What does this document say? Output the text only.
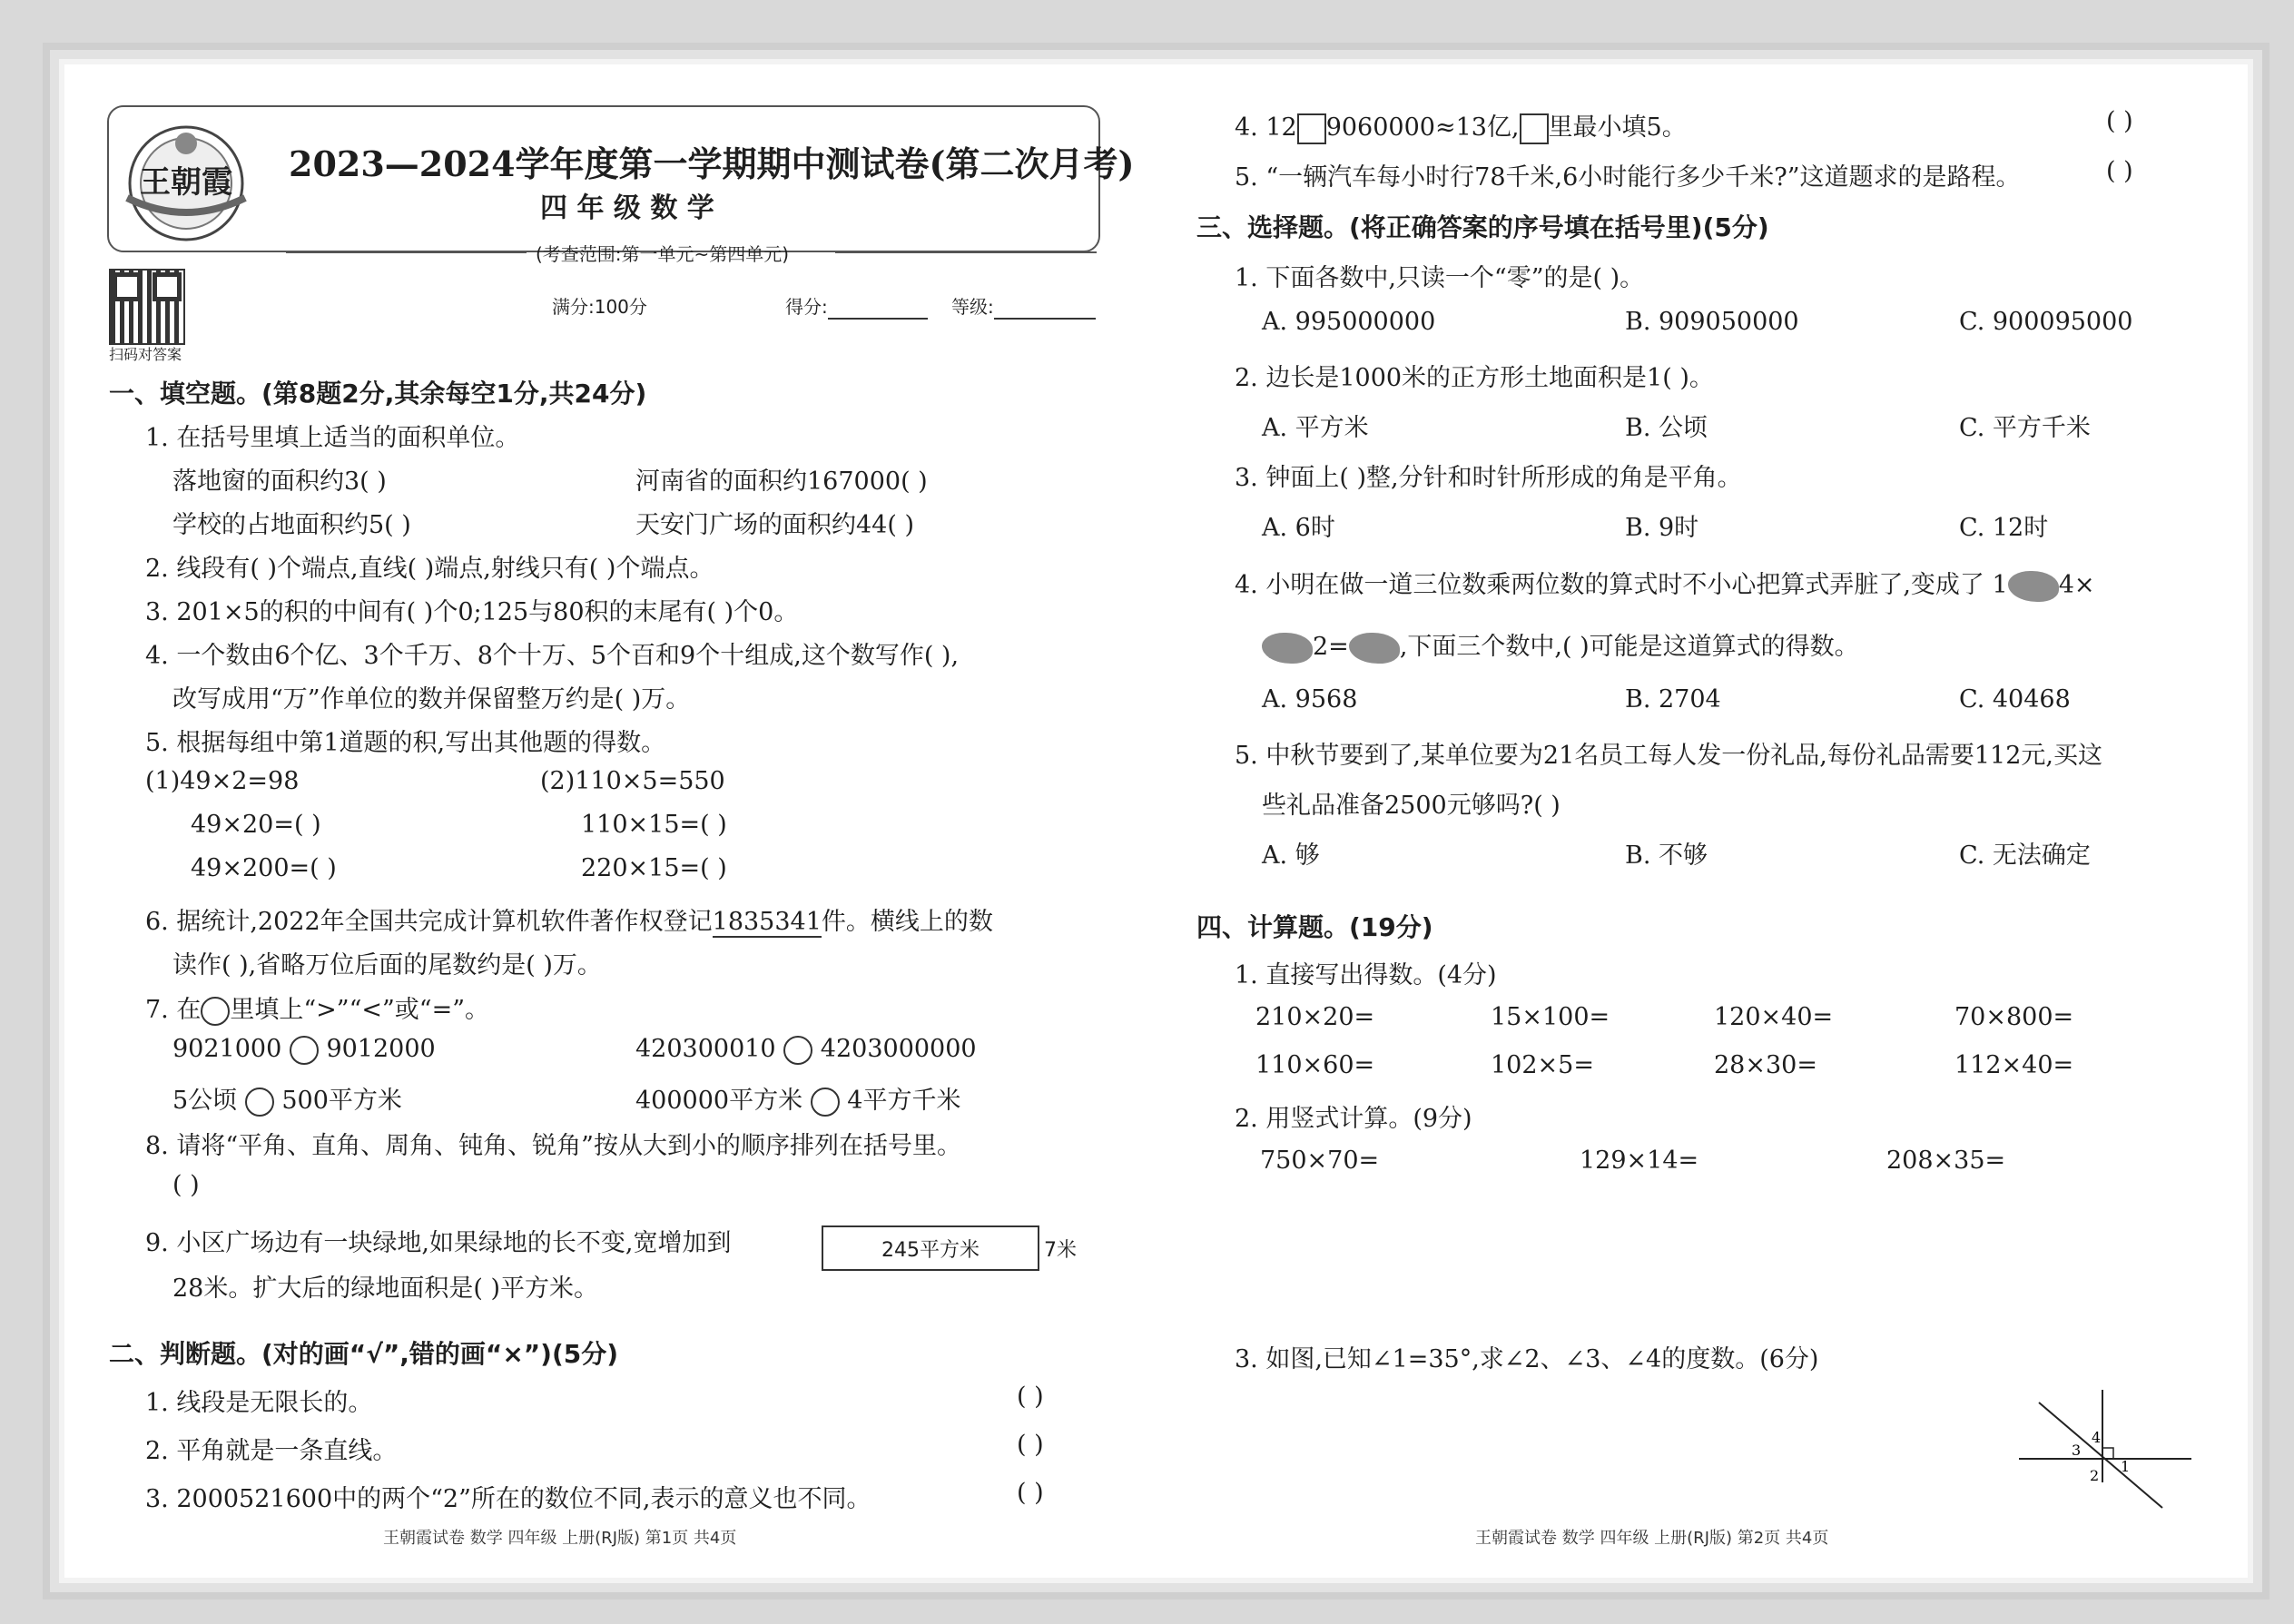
王朝霞 2023—2024学年度第一学期期中测试卷(第二次月考)
四 年 级 数 学
(考查范围:第一单元~第四单元)
扫码对答案
满分:100分	得分:	等级:
一、填空题。(第8题2分,其余每空1分,共24分)
1. 在括号里填上适当的面积单位。
落地窗的面积约3( )	河南省的面积约167000( )
学校的占地面积约5( )	天安门广场的面积约44( )
2. 线段有( )个端点,直线( )端点,射线只有( )个端点。
3. 201×5的积的中间有( )个0;125与80积的末尾有( )个0。
4. 一个数由6个亿、3个千万、8个十万、5个百和9个十组成,这个数写作( ),
改写成用“万”作单位的数并保留整万约是( )万。
5. 根据每组中第1道题的积,写出其他题的得数。
(1)49×2=98
49×20=( )
49×200=( )
(2)110×5=550
110×15=( )
220×15=( )
6. 据统计,2022年全国共完成计算机软件著作权登记1835341件。横线上的数
读作( ),省略万位后面的尾数约是( )万。
7. 在 里填上“>”“<”或“=”。
9021000 9012000	420300010 4203000000
5公顷 500平方米	400000平方米 4平方千米
8. 请将“平角、直角、周角、钝角、锐角”按从大到小的顺序排列在括号里。
( )
9. 小区广场边有一块绿地,如果绿地的长不变,宽增加到
28米。扩大后的绿地面积是( )平方米。
245平方米	7米
二、判断题。(对的画“√”,错的画“×”)(5分)
1. 线段是无限长的。	( )
2. 平角就是一条直线。	( )
3. 2000521600中的两个“2”所在的数位不同,表示的意义也不同。	( )
王朝霞试卷 数学 四年级 上册(RJ版) 第1页 共4页
4. 12 9060000≈13亿, 里最小填5。	( )
5. “一辆汽车每小时行78千米,6小时能行多少千米?”这道题求的是路程。	( )
三、选择题。(将正确答案的序号填在括号里)(5分)
1. 下面各数中,只读一个“零”的是( )。
A. 995000000	B. 909050000	C. 900095000
2. 边长是1000米的正方形土地面积是1( )。
A. 平方米	B. 公顷	C. 平方千米
3. 钟面上( )整,分针和时针所形成的角是平角。
A. 6时	B. 9时	C. 12时
4. 小明在做一道三位数乘两位数的算式时不小心把算式弄脏了,变成了 1 4×
2= ,下面三个数中,( )可能是这道算式的得数。
A. 9568	B. 2704	C. 40468
5. 中秋节要到了,某单位要为21名员工每人发一份礼品,每份礼品需要112元,买这
些礼品准备2500元够吗?( )
A. 够	B. 不够	C. 无法确定
四、计算题。(19分)
1. 直接写出得数。(4分)
210×20=	15×100=	120×40=	70×800=
110×60=	102×5=	28×30=	112×40=
2. 用竖式计算。(9分)
750×70=	129×14=	208×35=
3. 如图,已知∠1=35°,求∠2、∠3、∠4的度数。(6分)
1
2
3
4
王朝霞试卷 数学 四年级 上册(RJ版) 第2页 共4页
